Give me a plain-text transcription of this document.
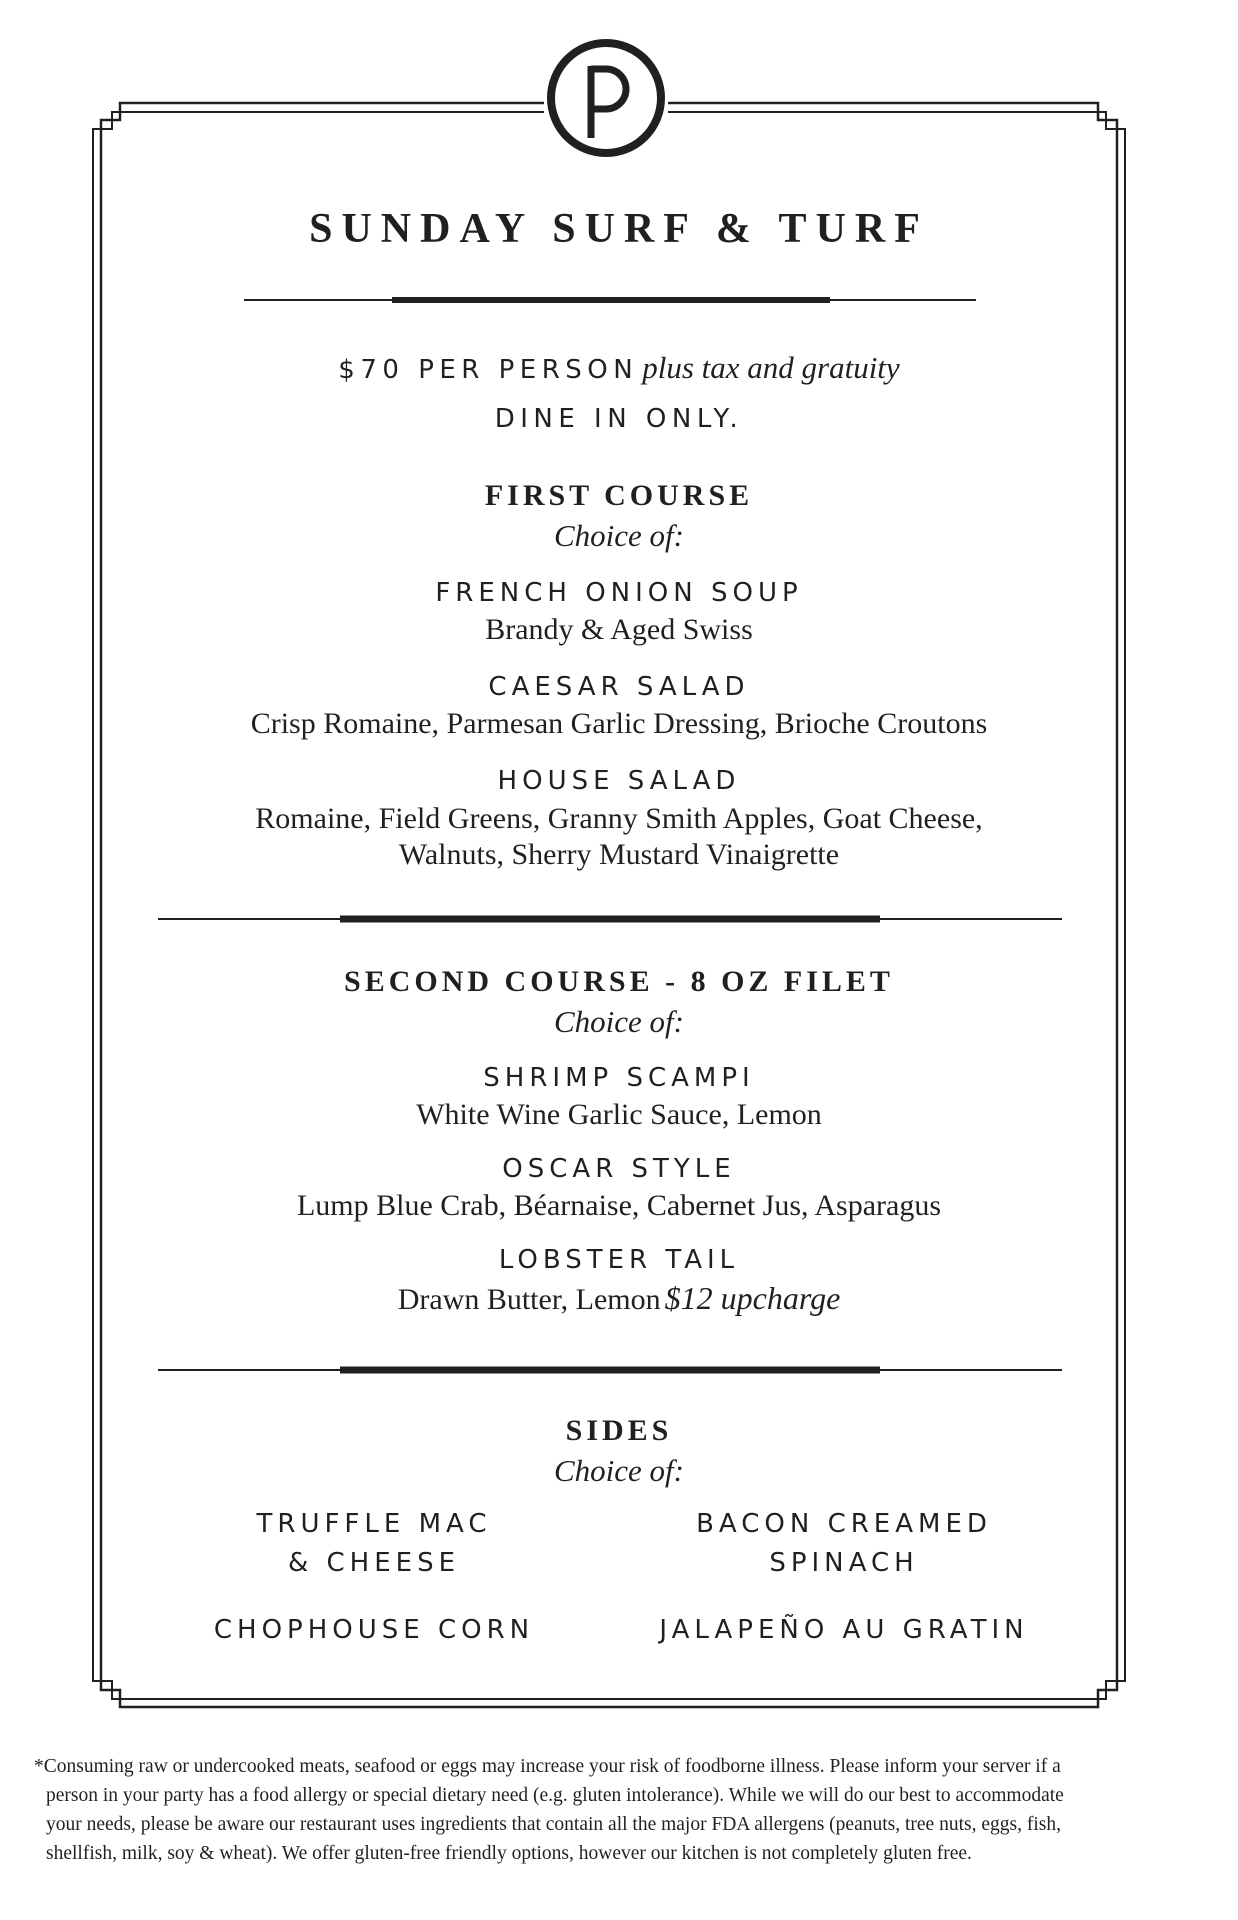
SUNDAY SURF & TURF
$70 PER PERSON plus tax and gratuity
DINE IN ONLY.
FIRST COURSE
Choice of:
FRENCH ONION SOUP
Brandy & Aged Swiss
CAESAR SALAD
Crisp Romaine, Parmesan Garlic Dressing, Brioche Croutons
HOUSE SALAD
Romaine, Field Greens, Granny Smith Apples, Goat Cheese,
Walnuts, Sherry Mustard Vinaigrette
SECOND COURSE - 8 OZ FILET
Choice of:
SHRIMP SCAMPI
White Wine Garlic Sauce, Lemon
OSCAR STYLE
Lump Blue Crab, Béarnaise, Cabernet Jus, Asparagus
LOBSTER TAIL
Drawn Butter, Lemon $12 upcharge
SIDES
Choice of:
TRUFFLE MAC
& CHEESE
BACON CREAMED
SPINACH
CHOPHOUSE CORN	JALAPEÑO AU GRATIN
*Consuming raw or undercooked meats, seafood or eggs may increase your risk of foodborne illness. Please inform your server if a
person in your party has a food allergy or special dietary need (e.g. gluten intolerance). While we will do our best to accommodate
your needs, please be aware our restaurant uses ingredients that contain all the major FDA allergens (peanuts, tree nuts, eggs, fish,
shellfish, milk, soy & wheat). We offer gluten-free friendly options, however our kitchen is not completely gluten free.
